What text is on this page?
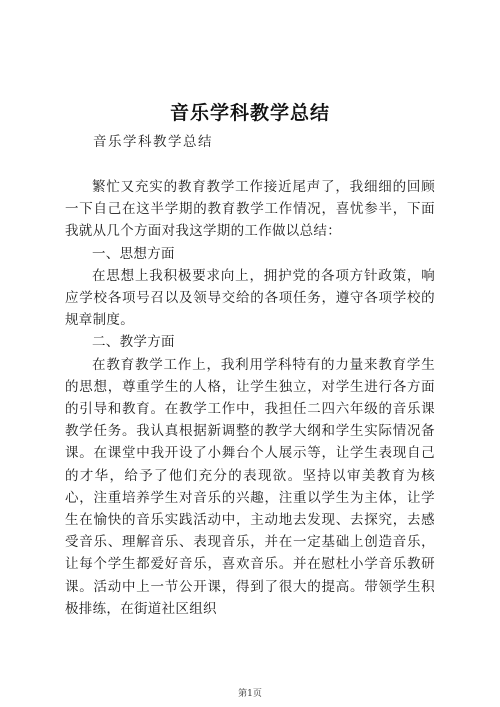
音乐学科教学总结
音乐学科教学总结

繁忙又充实的教育教学工作接近尾声了，我细细的回顾一下自己在这半学期的教育教学工作情况，喜忧参半，下面我就从几个方面对我这学期的工作做以总结：

一、思想方面

在思想上我积极要求向上，拥护党的各项方针政策，响应学校各项号召以及领导交给的各项任务，遵守各项学校的规章制度。

二、教学方面

在教育教学工作上，我利用学科特有的力量来教育学生的思想，尊重学生的人格，让学生独立，对学生进行各方面的引导和教育。在教学工作中，我担任二四六年级的音乐课教学任务。我认真根据新调整的教学大纲和学生实际情况备课。在课堂中我开设了小舞台个人展示等，让学生表现自己的才华，给予了他们充分的表现欲。坚持以审美教育为核心，注重培养学生对音乐的兴趣，注重以学生为主体，让学生在愉快的音乐实践活动中，主动地去发现、去探究，去感受音乐、理解音乐、表现音乐，并在一定基础上创造音乐，让每个学生都爱好音乐，喜欢音乐。并在慰杜小学音乐教研课。活动中上一节公开课，得到了很大的提高。带领学生积极排练，在街道社区组织

第1页
